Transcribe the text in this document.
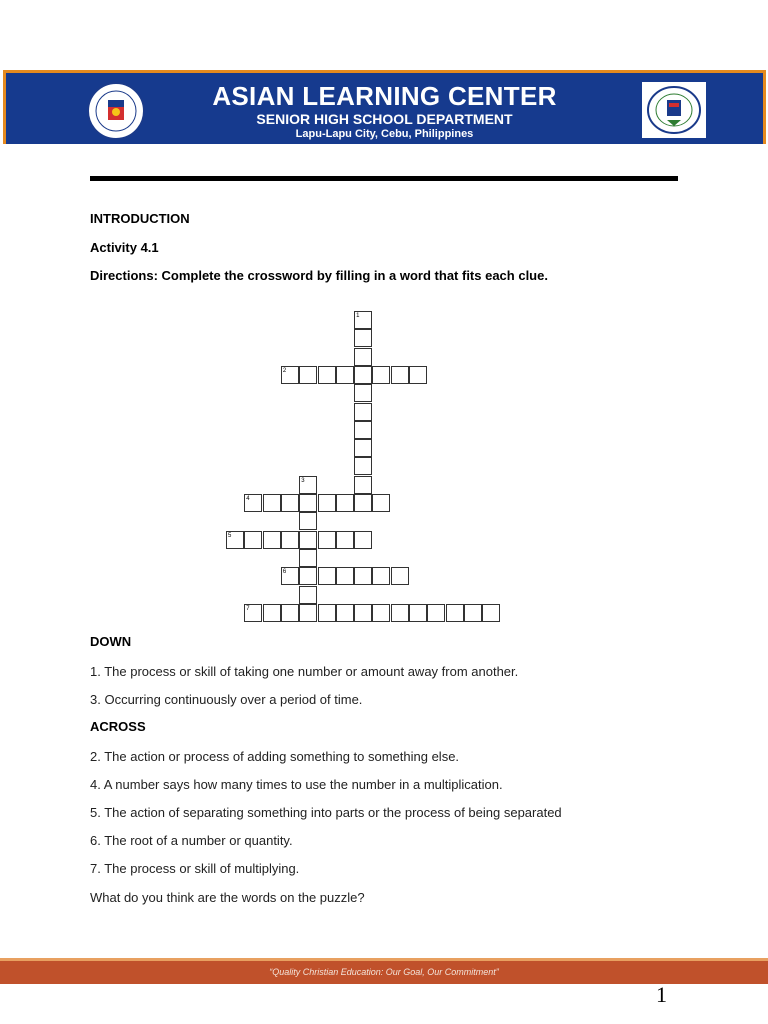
ASIAN LEARNING CENTER
SENIOR HIGH SCHOOL DEPARTMENT
Lapu-Lapu City, Cebu, Philippines
INTRODUCTION
Activity 4.1
Directions: Complete the crossword by filling in a word that fits each clue.
1
2
3
4
5
6
7
DOWN
1. The process or skill of taking one number or amount away from another.
3. Occurring continuously over a period of time.
ACROSS
2. The action or process of adding something to something else.
4. A number says how many times to use the number in a multiplication.
5. The action of separating something into parts or the process of being separated
6. The root of a number or quantity.
7. The process or skill of multiplying.
What do you think are the words on the puzzle?
“Quality Christian Education: Our Goal, Our Commitment”
1
